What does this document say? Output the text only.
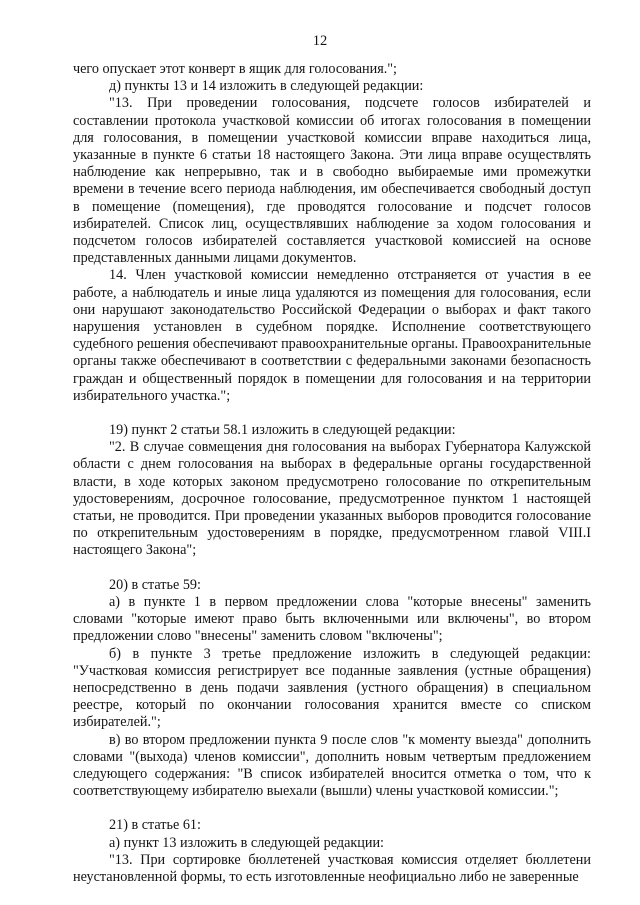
12

чего опускает этот конверт в ящик для голосования.";

д) пункты 13 и 14 изложить в следующей редакции:

"13. При проведении голосования, подсчете голосов избирателей и составлении протокола участковой комиссии об итогах голосования в помещении для голосования, в помещении участковой комиссии вправе находиться лица, указанные в пункте 6 статьи 18 настоящего Закона. Эти лица вправе осуществлять наблюдение как непрерывно, так и в свободно выбираемые ими промежутки времени в течение всего периода наблюдения, им обеспечивается свободный доступ в помещение (помещения), где проводятся голосование и подсчет голосов избирателей. Список лиц, осуществлявших наблюдение за ходом голосования и подсчетом голосов избирателей составляется участковой комиссией на основе представленных данными лицами документов.

14. Член участковой комиссии немедленно отстраняется от участия в ее работе, а наблюдатель и иные лица удаляются из помещения для голосования, если они нарушают законодательство Российской Федерации о выборах и факт такого нарушения установлен в судебном порядке. Исполнение соответствующего судебного решения обеспечивают правоохранительные органы. Правоохранительные органы также обеспечивают в соответствии с федеральными законами безопасность граждан и общественный порядок в помещении для голосования и на территории избирательного участка.";

19) пункт 2 статьи 58.1 изложить в следующей редакции:

"2. В случае совмещения дня голосования на выборах Губернатора Калужской области с днем голосования на выборах в федеральные органы государственной власти, в ходе которых законом предусмотрено голосование по открепительным удостоверениям, досрочное голосование, предусмотренное пунктом 1 настоящей статьи, не проводится. При проведении указанных выборов проводится голосование по открепительным удостоверениям в порядке, предусмотренном главой VIII.I настоящего Закона";

20) в статье 59:

а) в пункте 1 в первом предложении слова "которые внесены" заменить словами "которые имеют право быть включенными или включены", во втором предложении слово "внесены" заменить словом "включены";

б) в пункте 3 третье предложение изложить в следующей редакции: "Участковая комиссия регистрирует все поданные заявления (устные обращения) непосредственно в день подачи заявления (устного обращения) в специальном реестре, который по окончании голосования хранится вместе со списком избирателей.";

в) во втором предложении пункта 9 после слов "к моменту выезда" дополнить словами "(выхода) членов комиссии", дополнить новым четвертым предложением следующего содержания: "В список избирателей вносится отметка о том, что к соответствующему избирателю выехали (вышли) члены участковой комиссии.";

21) в статье 61:

а) пункт 13 изложить в следующей редакции:

"13. При сортировке бюллетеней участковая комиссия отделяет бюллетени неустановленной формы, то есть изготовленные неофициально либо не заверенные
